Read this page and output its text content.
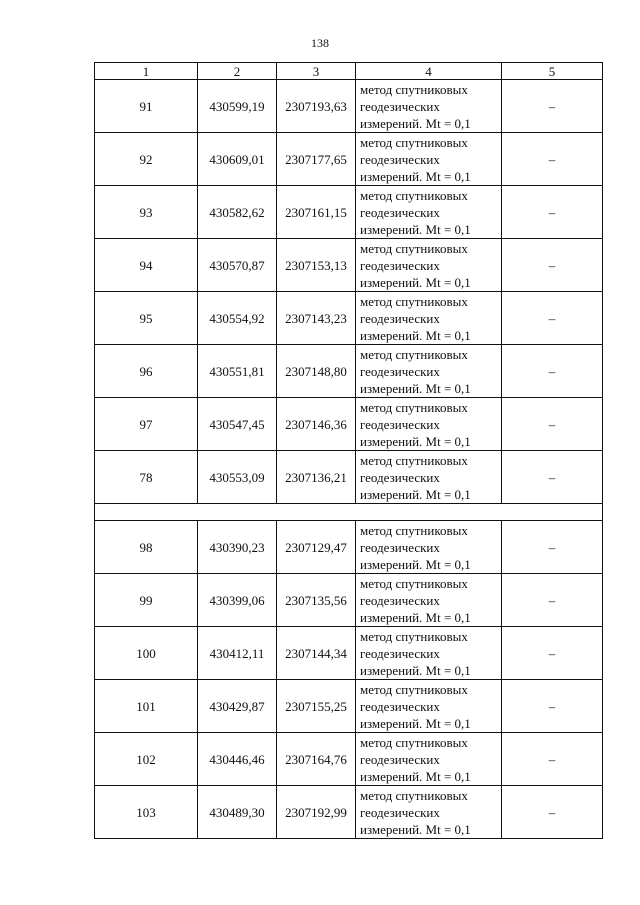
138
1	2	3	4	5
91	430599,19	2307193,63	метод спутниковых
геодезических
измерений. Mt = 0,1	–
92	430609,01	2307177,65	метод спутниковых
геодезических
измерений. Mt = 0,1	–
93	430582,62	2307161,15	метод спутниковых
геодезических
измерений. Mt = 0,1	–
94	430570,87	2307153,13	метод спутниковых
геодезических
измерений. Mt = 0,1	–
95	430554,92	2307143,23	метод спутниковых
геодезических
измерений. Mt = 0,1	–
96	430551,81	2307148,80	метод спутниковых
геодезических
измерений. Mt = 0,1	–
97	430547,45	2307146,36	метод спутниковых
геодезических
измерений. Mt = 0,1	–
78	430553,09	2307136,21	метод спутниковых
геодезических
измерений. Mt = 0,1	–

98	430390,23	2307129,47	метод спутниковых
геодезических
измерений. Mt = 0,1	–
99	430399,06	2307135,56	метод спутниковых
геодезических
измерений. Mt = 0,1	–
100	430412,11	2307144,34	метод спутниковых
геодезических
измерений. Mt = 0,1	–
101	430429,87	2307155,25	метод спутниковых
геодезических
измерений. Mt = 0,1	–
102	430446,46	2307164,76	метод спутниковых
геодезических
измерений. Mt = 0,1	–
103	430489,30	2307192,99	метод спутниковых
геодезических
измерений. Mt = 0,1	–
